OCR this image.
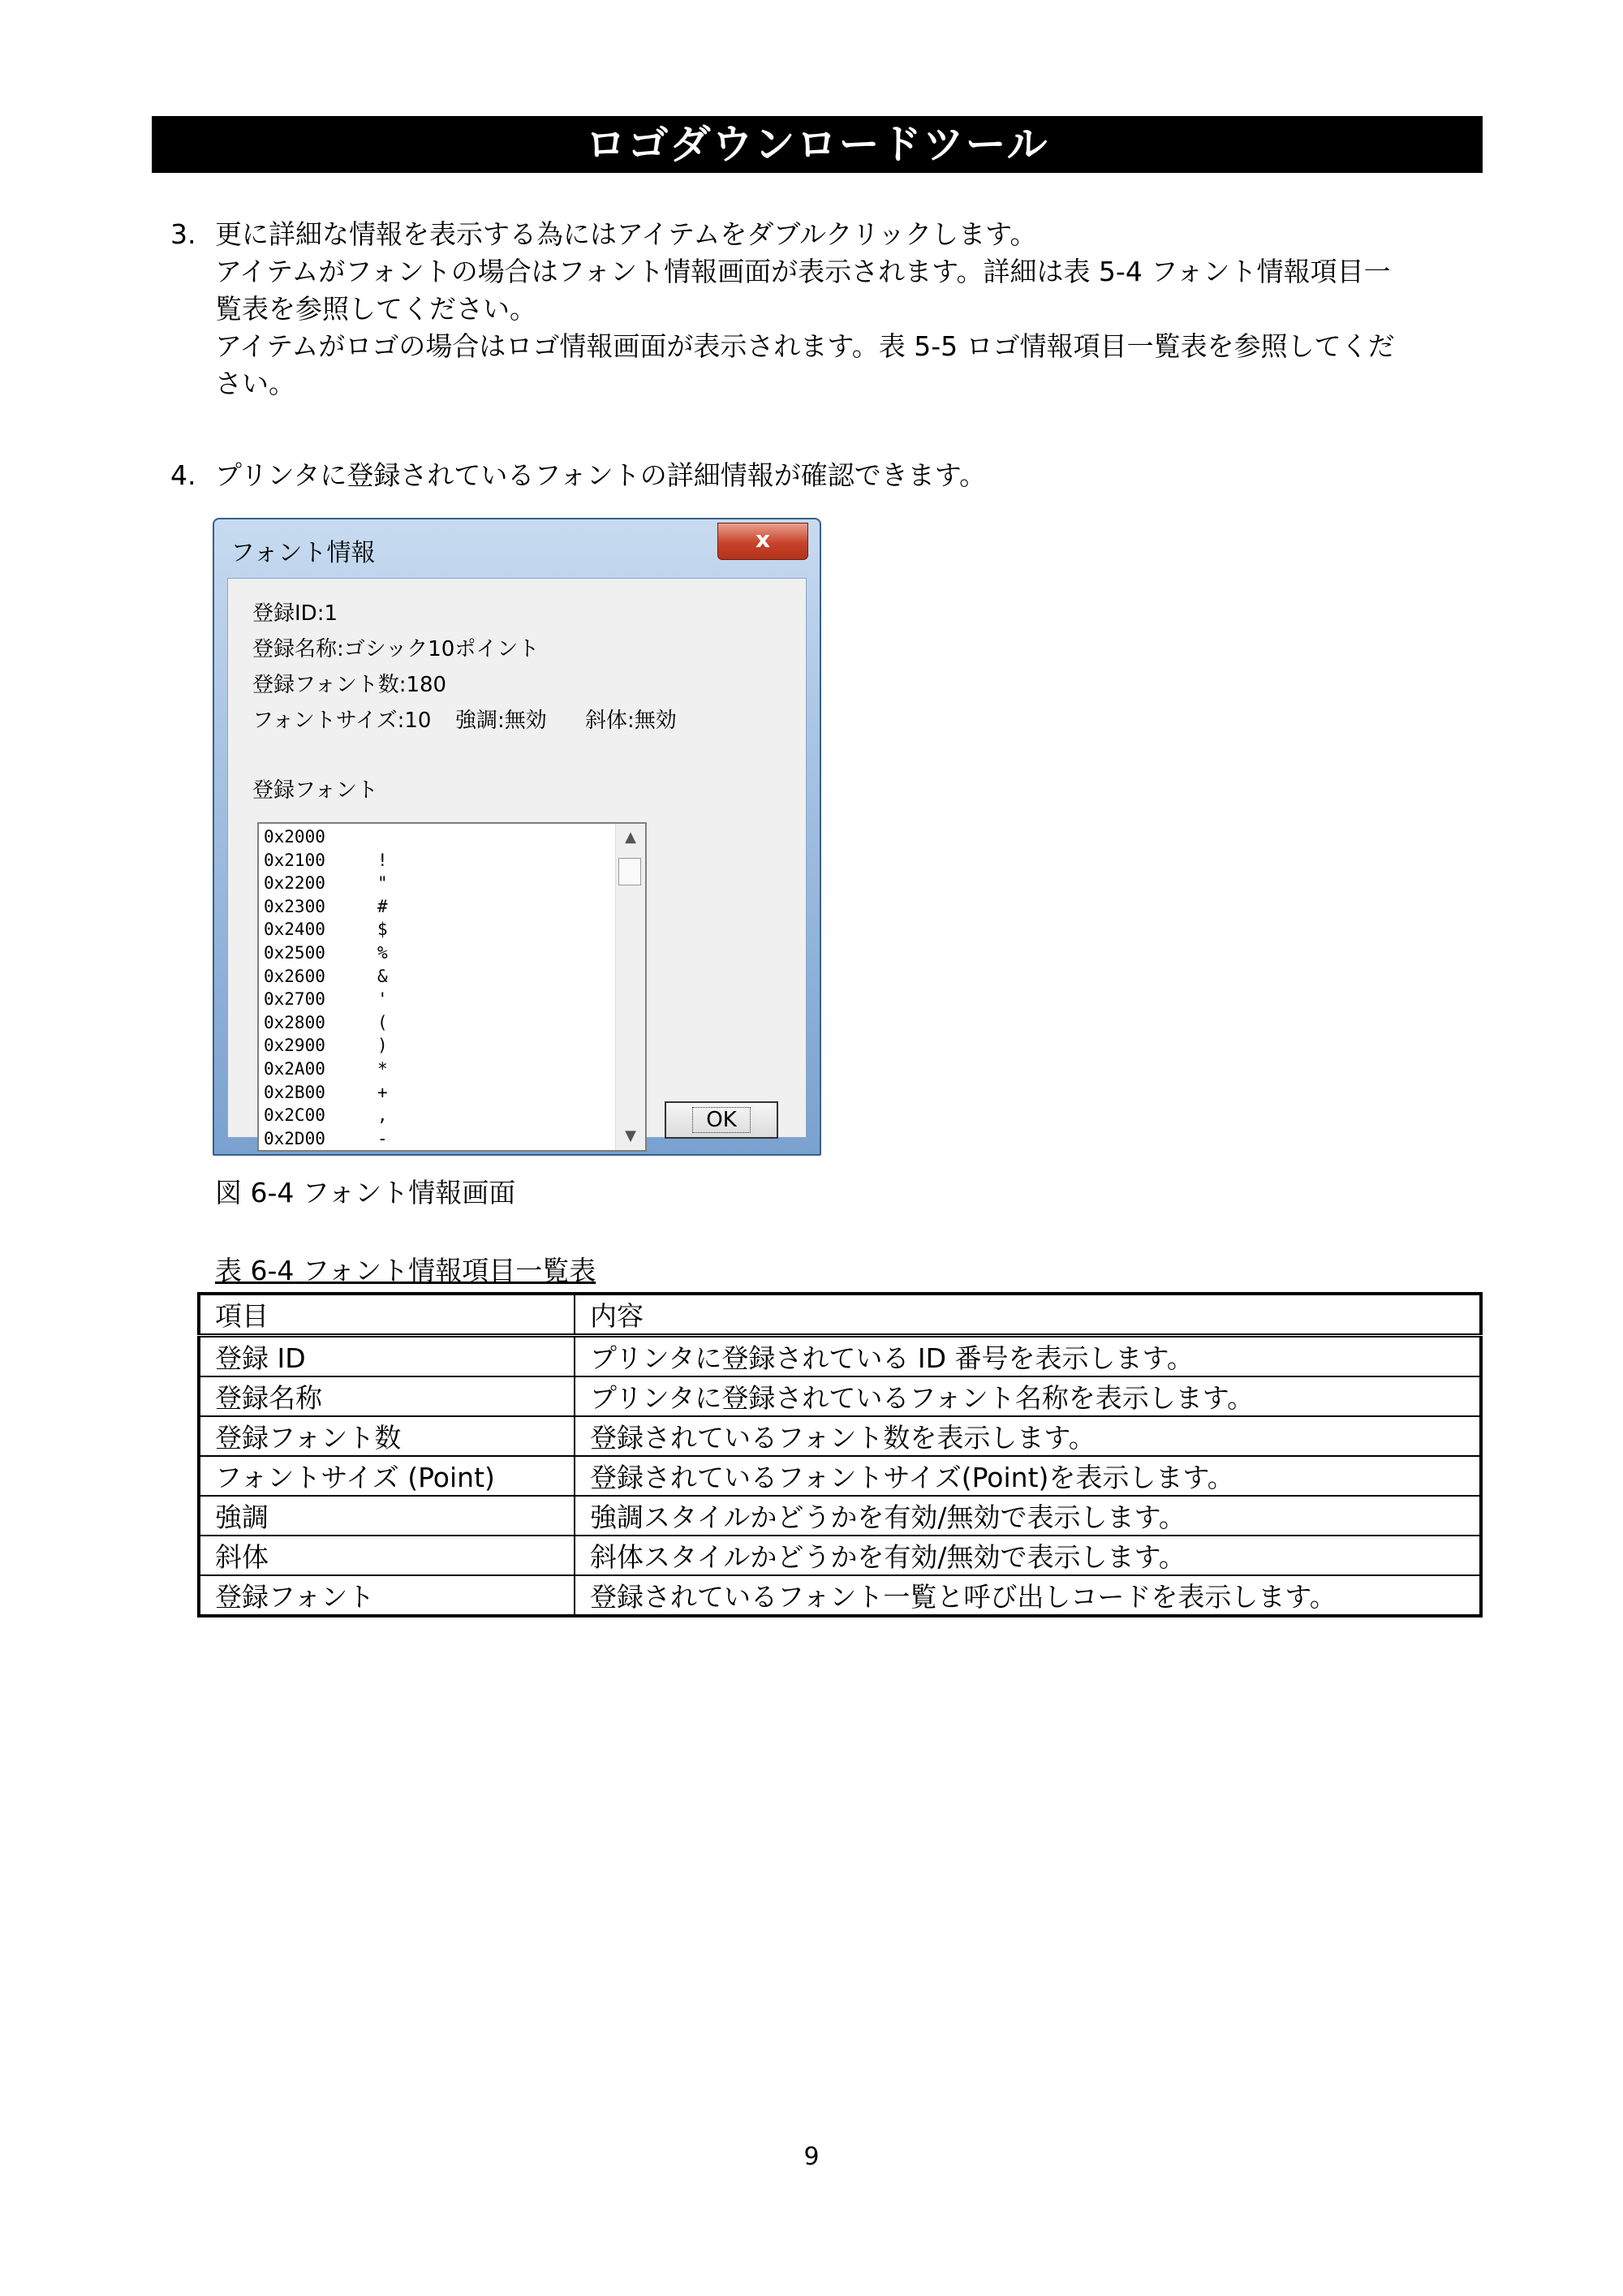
ロゴダウンロードツール
3. 更に詳細な情報を表示する為にはアイテムをダブルクリックします。
アイテムがフォントの場合はフォント情報画面が表示されます。詳細は表 5-4 フォント情報項目一
覧表を参照してください。
アイテムがロゴの場合はロゴ情報画面が表示されます。表 5-5 ロゴ情報項目一覧表を参照してくだ
さい。
4. プリンタに登録されているフォントの詳細情報が確認できます。
フォント情報	x
登録ID:1
登録名称:ゴシック10ポイント
登録フォント数:180
フォントサイズ:10 強調:無効 斜体:無効
登録フォント
0x2000
0x2100	!
0x2200	"
0x2300	#
0x2400	$
0x2500	%
0x2600	&
0x2700	'
0x2800	(
0x2900	)
0x2A00	*
0x2B00	+
0x2C00	,
0x2D00	-
▲
▼
OK
図 6-4 フォント情報画面
表 6-4 フォント情報項目一覧表
項目	内容
登録 ID	プリンタに登録されている ID 番号を表示します。
登録名称	プリンタに登録されているフォント名称を表示します。
登録フォント数	登録されているフォント数を表示します。
フォントサイズ (Point)	登録されているフォントサイズ(Point)を表示します。
強調	強調スタイルかどうかを有効/無効で表示します。
斜体	斜体スタイルかどうかを有効/無効で表示します。
登録フォント	登録されているフォント一覧と呼び出しコードを表示します。
9
